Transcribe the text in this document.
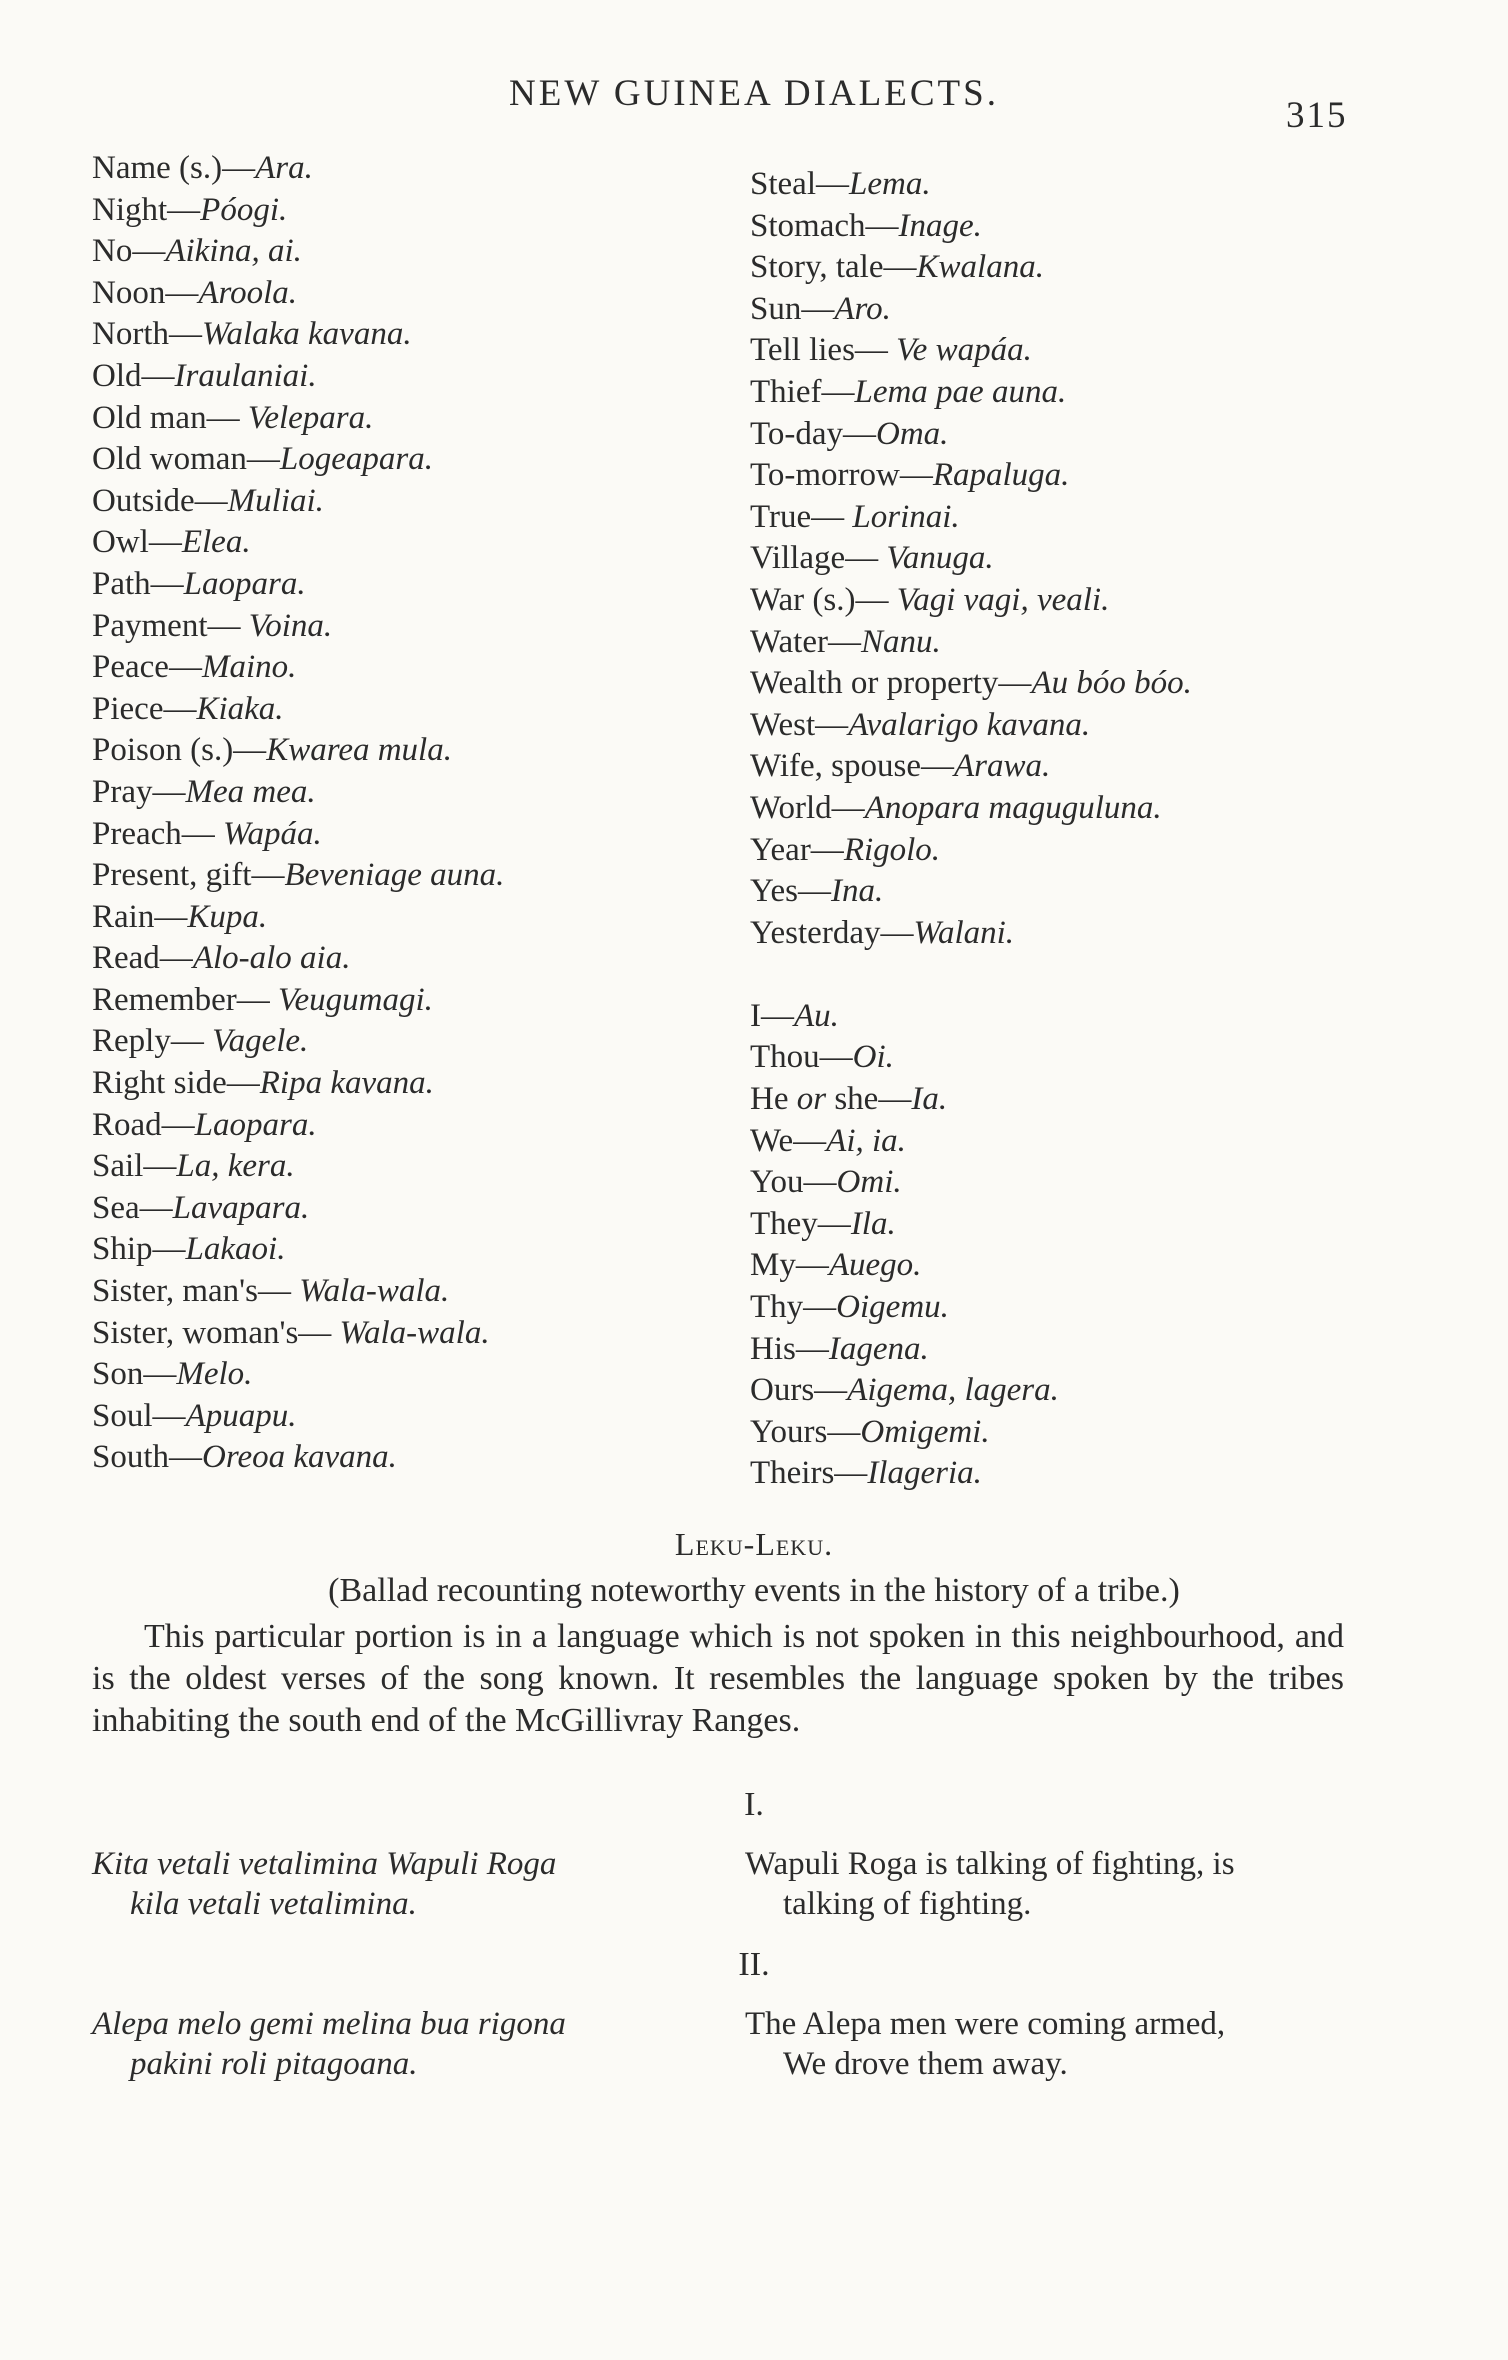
NEW GUINEA DIALECTS.
315
Name (s.)—Ara.
Night—Póogi.
No—Aikina, ai.
Noon—Aroola.
North—Walaka kavana.
Old—Iraulaniai.
Old man— Velepara.
Old woman—Logeapara.
Outside—Muliai.
Owl—Elea.
Path—Laopara.
Payment— Voina.
Peace—Maino.
Piece—Kiaka.
Poison (s.)—Kwarea mula.
Pray—Mea mea.
Preach— Wapáa.
Present, gift—Beveniage auna.
Rain—Kupa.
Read—Alo-alo aia.
Remember— Veugumagi.
Reply— Vagele.
Right side—Ripa kavana.
Road—Laopara.
Sail—La, kera.
Sea—Lavapara.
Ship—Lakaoi.
Sister, man's— Wala-wala.
Sister, woman's— Wala-wala.
Son—Melo.
Soul—Apuapu.
South—Oreoa kavana.
Steal—Lema.
Stomach—Inage.
Story, tale—Kwalana.
Sun—Aro.
Tell lies— Ve wapáa.
Thief—Lema pae auna.
To-day—Oma.
To-morrow—Rapaluga.
True— Lorinai.
Village— Vanuga.
War (s.)— Vagi vagi, veali.
Water—Nanu.
Wealth or property—Au bóo bóo.
West—Avalarigo kavana.
Wife, spouse—Arawa.
World—Anopara maguguluna.
Year—Rigolo.
Yes—Ina.
Yesterday—Walani.
I—Au.
Thou—Oi.
He or she—Ia.
We—Ai, ia.
You—Omi.
They—Ila.
My—Auego.
Thy—Oigemu.
His—Iagena.
Ours—Aigema, lagera.
Yours—Omigemi.
Theirs—Ilageria.
Leku-Leku.
(Ballad recounting noteworthy events in the history of a tribe.)
This particular portion is in a language which is not spoken in this neighbourhood, and is the oldest verses of the song known. It resembles the language spoken by the tribes inhabiting the south end of the McGillivray Ranges.
I.
Kita vetali vetalimina Wapuli Roga
kila vetali vetalimina.
Wapuli Roga is talking of fighting, is
talking of fighting.
II.
Alepa melo gemi melina bua rigona
pakini roli pitagoana.
The Alepa men were coming armed,
We drove them away.
